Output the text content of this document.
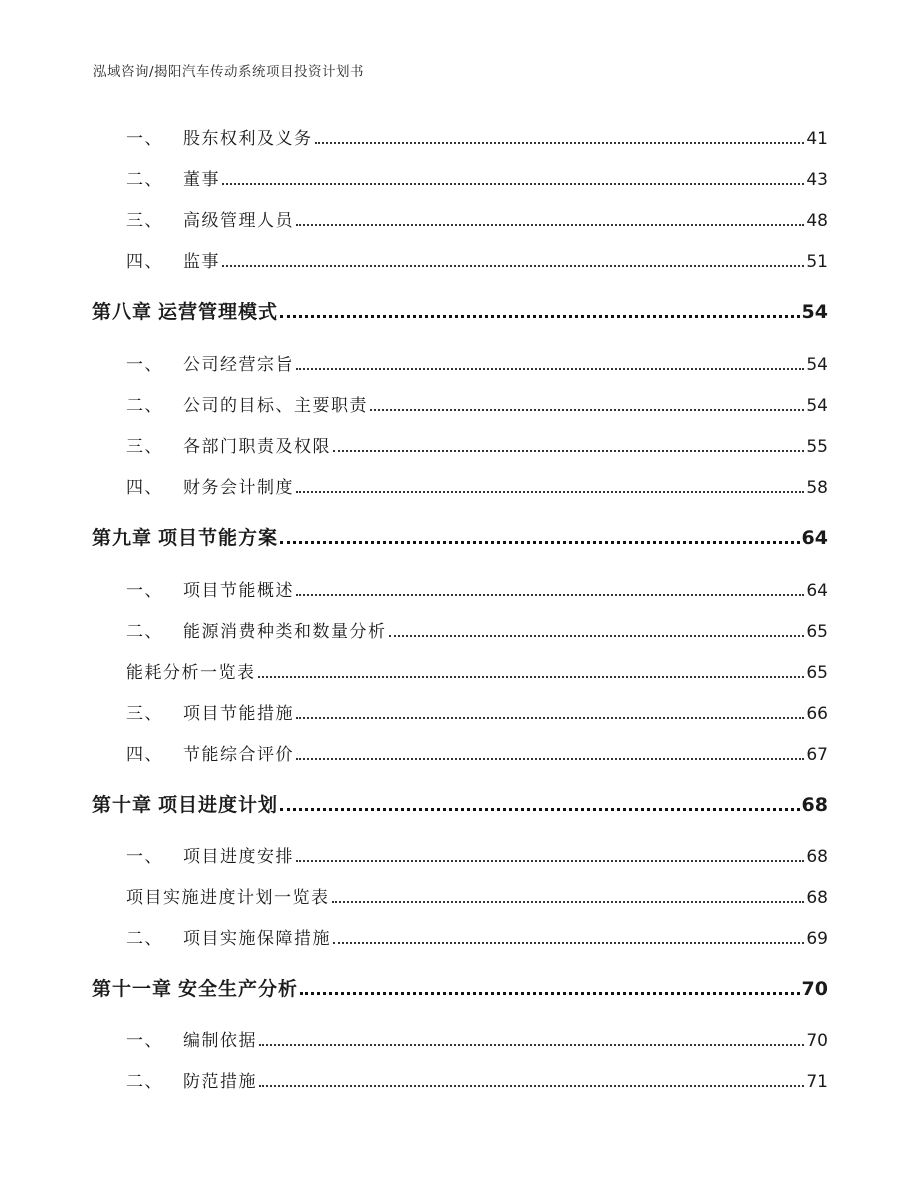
泓域咨询/揭阳汽车传动系统项目投资计划书
一、 股东权利及义务	41
二、 董事	43
三、 高级管理人员	48
四、 监事	51
第八章 运营管理模式	54
一、 公司经营宗旨	54
二、 公司的目标、主要职责	54
三、 各部门职责及权限	55
四、 财务会计制度	58
第九章 项目节能方案	64
一、 项目节能概述	64
二、 能源消费种类和数量分析	65
能耗分析一览表	65
三、 项目节能措施	66
四、 节能综合评价	67
第十章 项目进度计划	68
一、 项目进度安排	68
项目实施进度计划一览表	68
二、 项目实施保障措施	69
第十一章 安全生产分析	70
一、 编制依据	70
二、 防范措施	71
